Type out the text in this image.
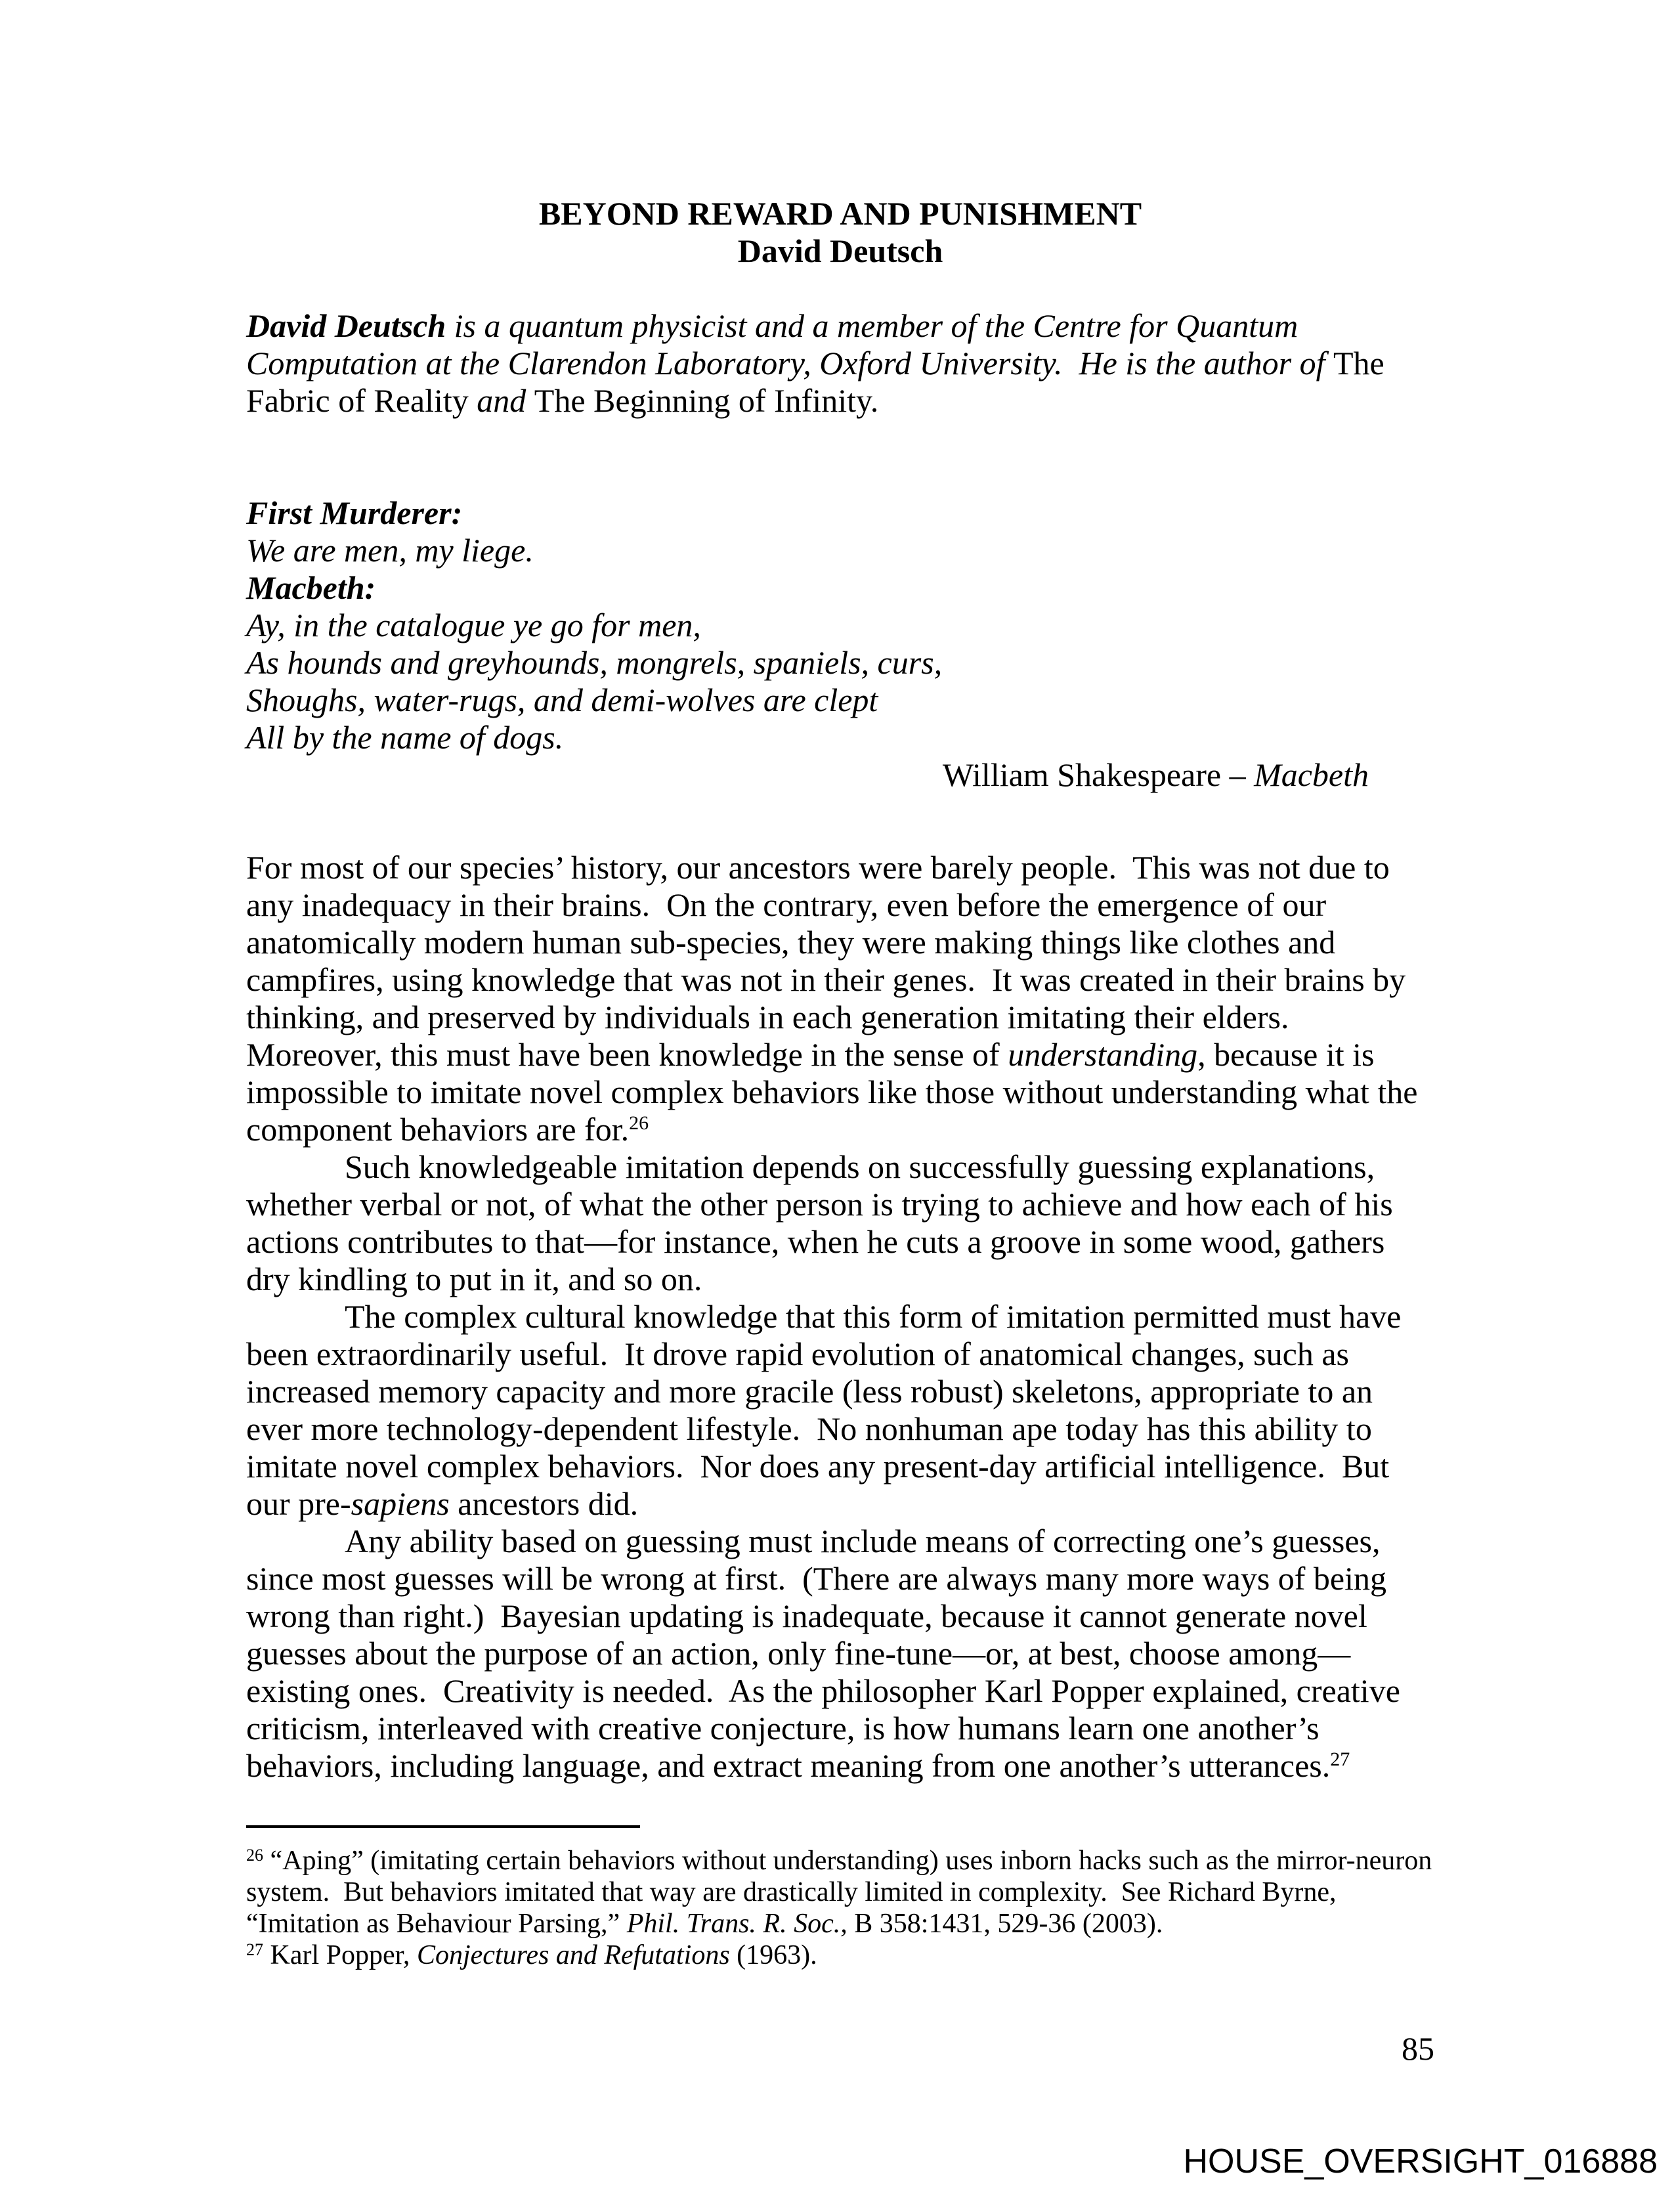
BEYOND REWARD AND PUNISHMENT
David Deutsch
David Deutsch is a quantum physicist and a member of the Centre for Quantum
Computation at the Clarendon Laboratory, Oxford University.  He is the author of The
Fabric of Reality and The Beginning of Infinity.
First Murderer:
We are men, my liege.
Macbeth:
Ay, in the catalogue ye go for men,
As hounds and greyhounds, mongrels, spaniels, curs,
Shoughs, water-rugs, and demi-wolves are clept
All by the name of dogs.
William Shakespeare – Macbeth
For most of our species’ history, our ancestors were barely people.  This was not due to
any inadequacy in their brains.  On the contrary, even before the emergence of our
anatomically modern human sub-species, they were making things like clothes and
campfires, using knowledge that was not in their genes.  It was created in their brains by
thinking, and preserved by individuals in each generation imitating their elders.
Moreover, this must have been knowledge in the sense of understanding, because it is
impossible to imitate novel complex behaviors like those without understanding what the
component behaviors are for.$^{26}$
Such knowledgeable imitation depends on successfully guessing explanations,
whether verbal or not, of what the other person is trying to achieve and how each of his
actions contributes to that—for instance, when he cuts a groove in some wood, gathers
dry kindling to put in it, and so on.
The complex cultural knowledge that this form of imitation permitted must have
been extraordinarily useful.  It drove rapid evolution of anatomical changes, such as
increased memory capacity and more gracile (less robust) skeletons, appropriate to an
ever more technology-dependent lifestyle.  No nonhuman ape today has this ability to
imitate novel complex behaviors.  Nor does any present-day artificial intelligence.  But
our pre-sapiens ancestors did.
Any ability based on guessing must include means of correcting one’s guesses,
since most guesses will be wrong at first.  (There are always many more ways of being
wrong than right.)  Bayesian updating is inadequate, because it cannot generate novel
guesses about the purpose of an action, only fine-tune—or, at best, choose among—
existing ones.  Creativity is needed.  As the philosopher Karl Popper explained, creative
criticism, interleaved with creative conjecture, is how humans learn one another’s
behaviors, including language, and extract meaning from one another’s utterances.$^{27}$
$^{26}$ “Aping” (imitating certain behaviors without understanding) uses inborn hacks such as the mirror-neuron
system.  But behaviors imitated that way are drastically limited in complexity.  See Richard Byrne,
“Imitation as Behaviour Parsing,” Phil. Trans. R. Soc., B 358:1431, 529-36 (2003).
$^{27}$ Karl Popper, Conjectures and Refutations (1963).
85
HOUSE_OVERSIGHT_016888
